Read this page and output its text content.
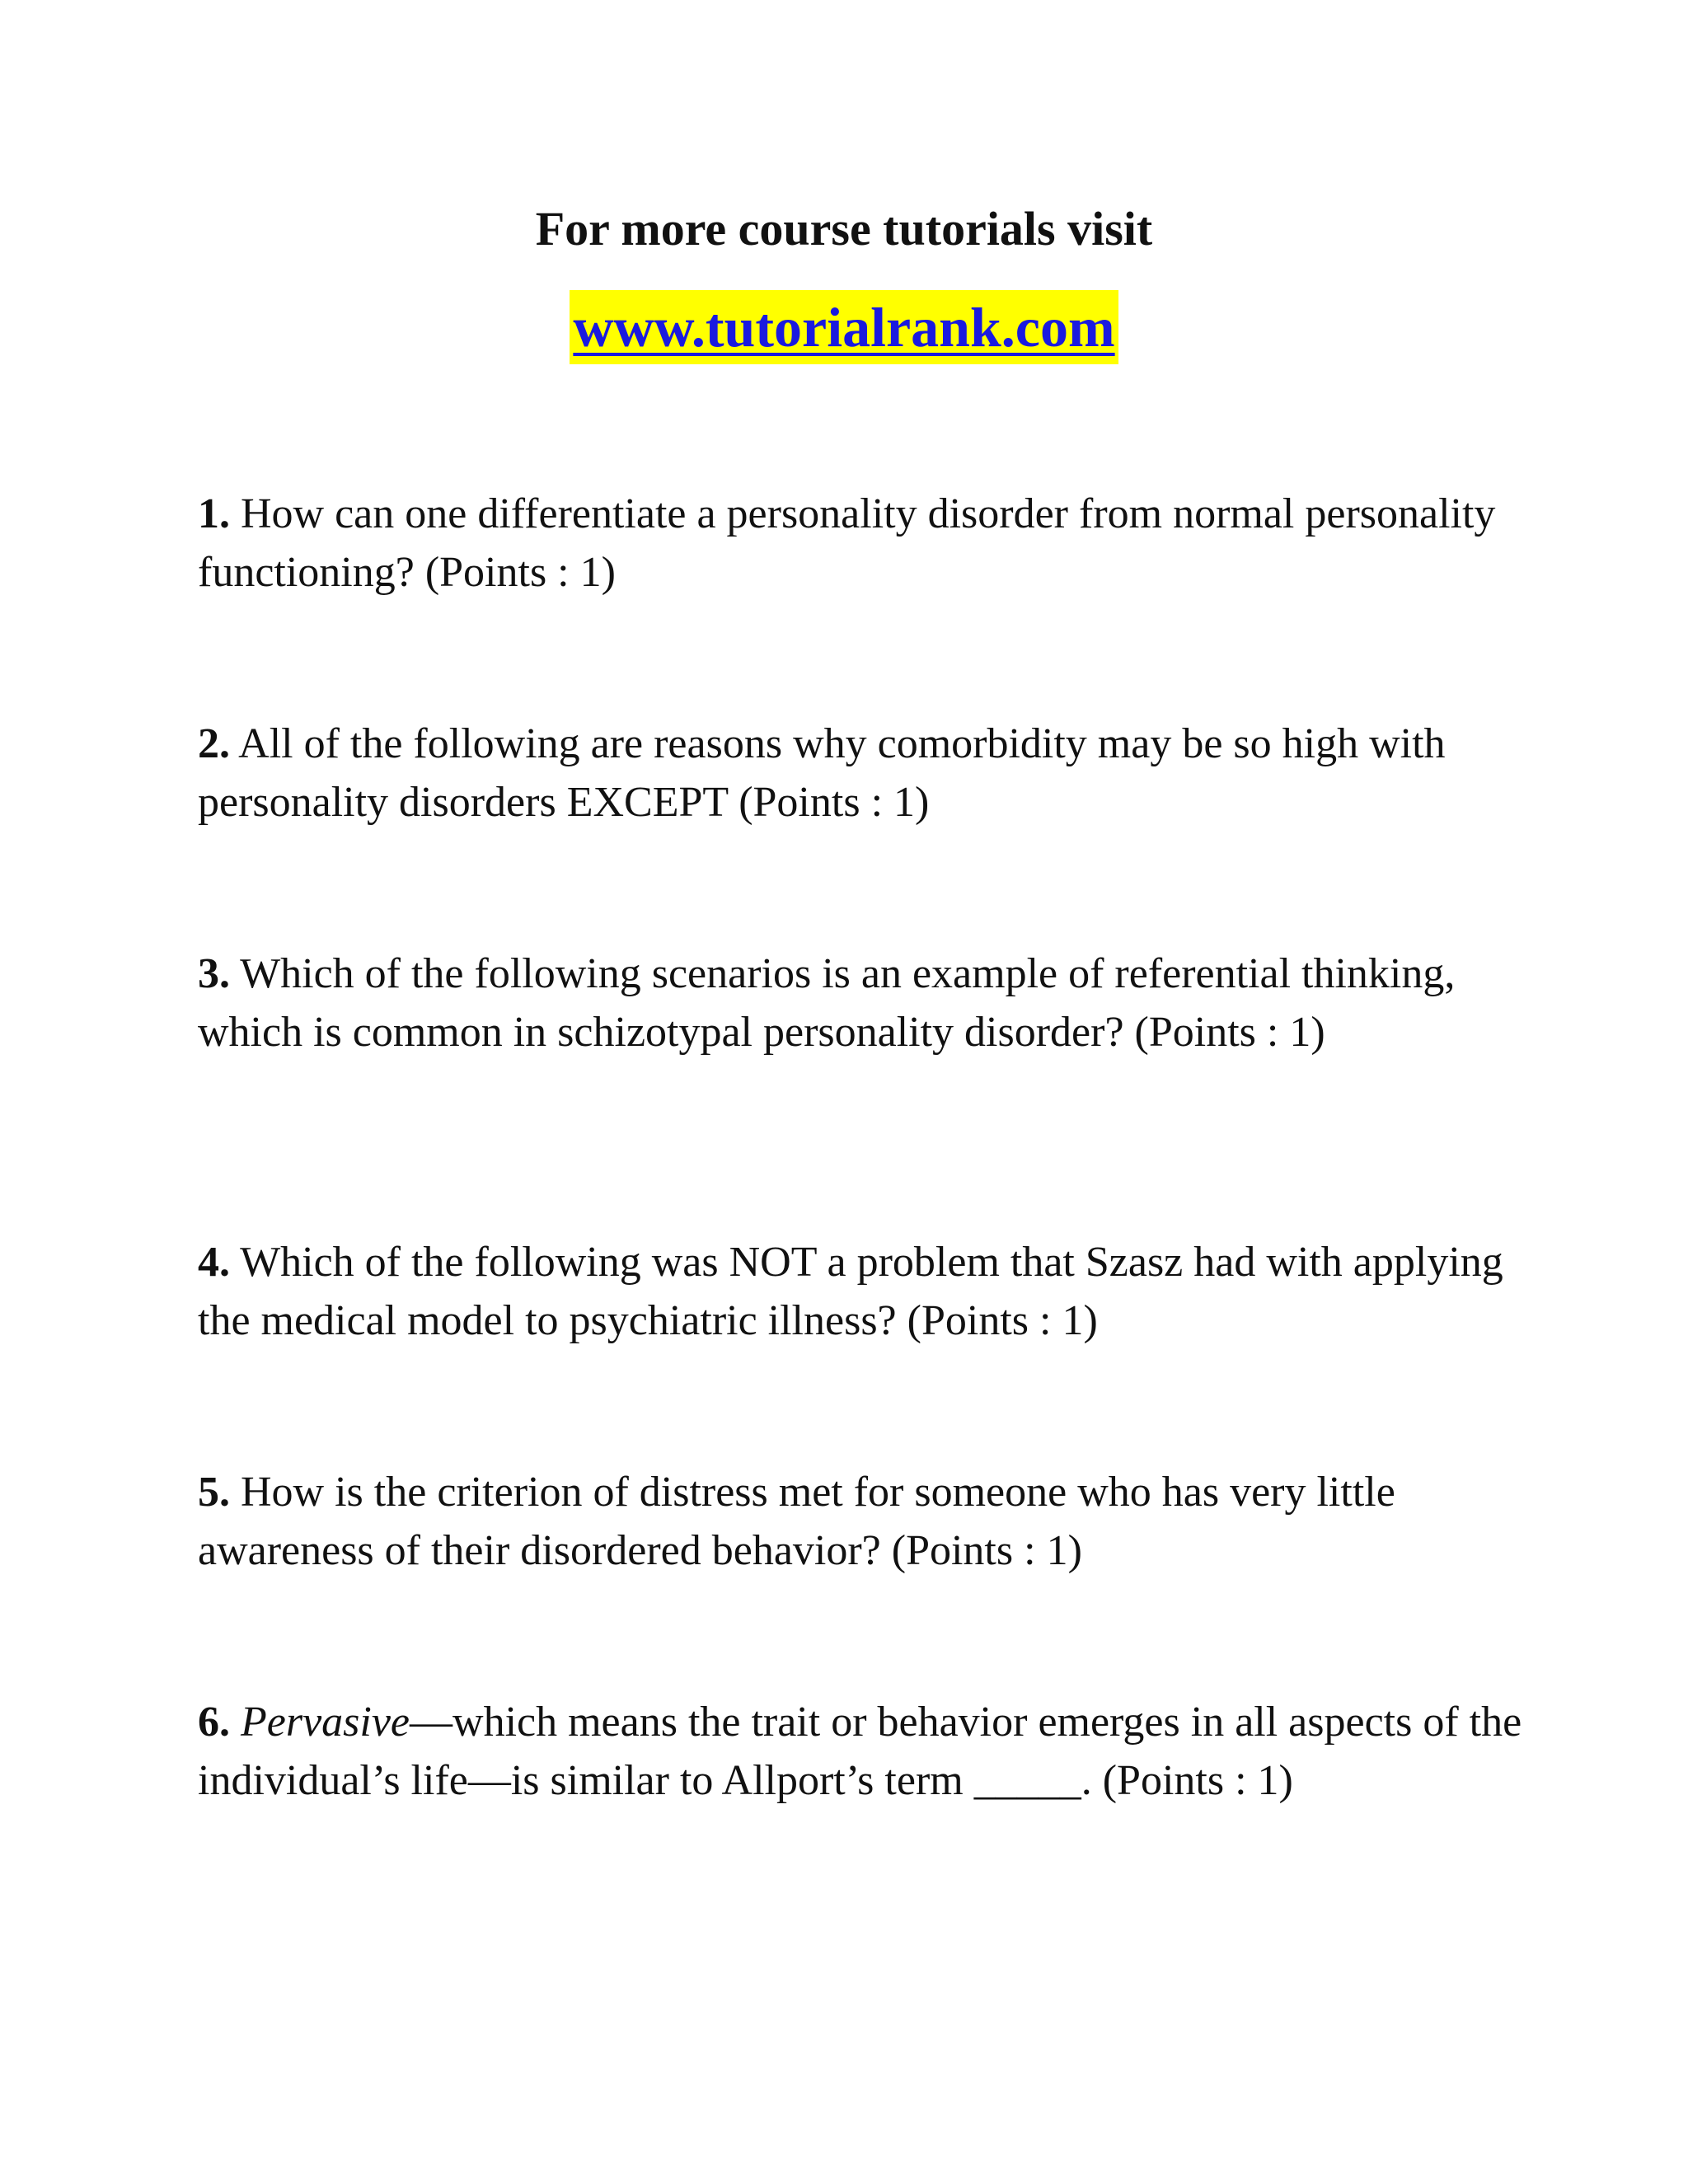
For more course tutorials visit
www.tutorialrank.com

1. How can one differentiate a personality disorder from normal personality functioning? (Points : 1)

2. All of the following are reasons why comorbidity may be so high with personality disorders EXCEPT (Points : 1)

3. Which of the following scenarios is an example of referential thinking, which is common in schizotypal personality disorder? (Points : 1)

4. Which of the following was NOT a problem that Szasz had with applying the medical model to psychiatric illness? (Points : 1)

5. How is the criterion of distress met for someone who has very little awareness of their disordered behavior? (Points : 1)

6. Pervasive—which means the trait or behavior emerges in all aspects of the individual’s life—is similar to Allport’s term _____. (Points : 1)
